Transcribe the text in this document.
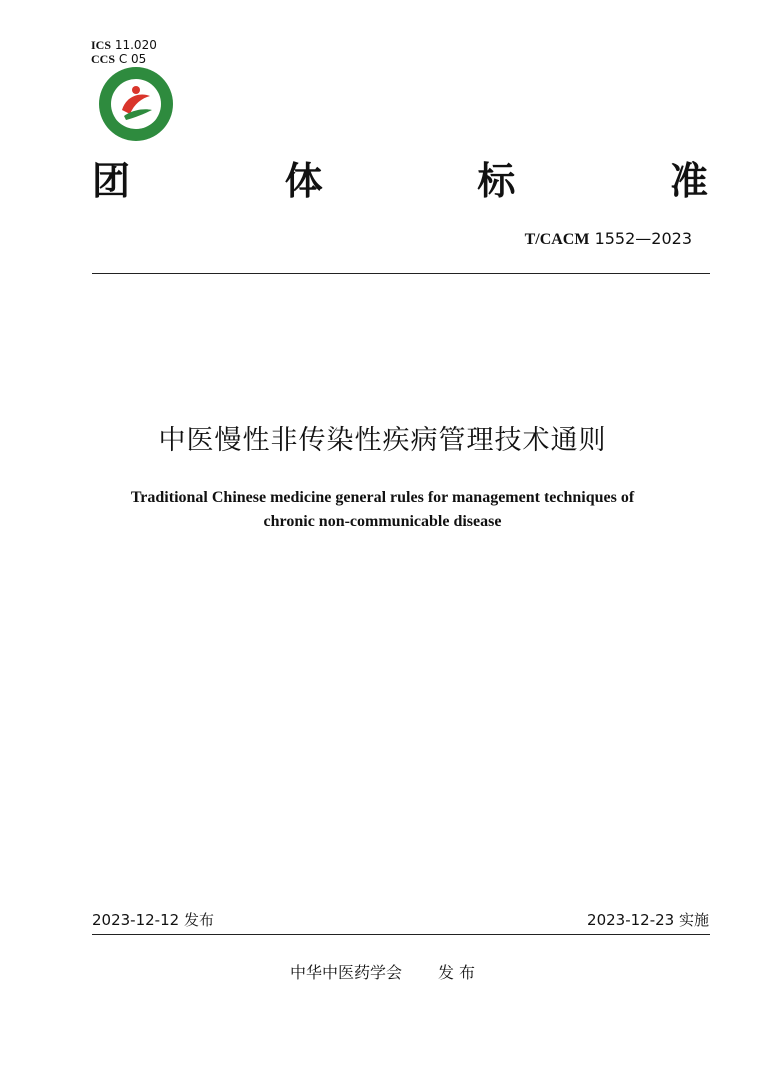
ICS 11.020
CCS C 05
团	体	标	准
T/CACM 1552—2023
中医慢性非传染性疾病管理技术通则
Traditional Chinese medicine general rules for management techniques of
chronic non-communicable disease
2023-12-12 发布	2023-12-23 实施
中华中医药学会 发 布
